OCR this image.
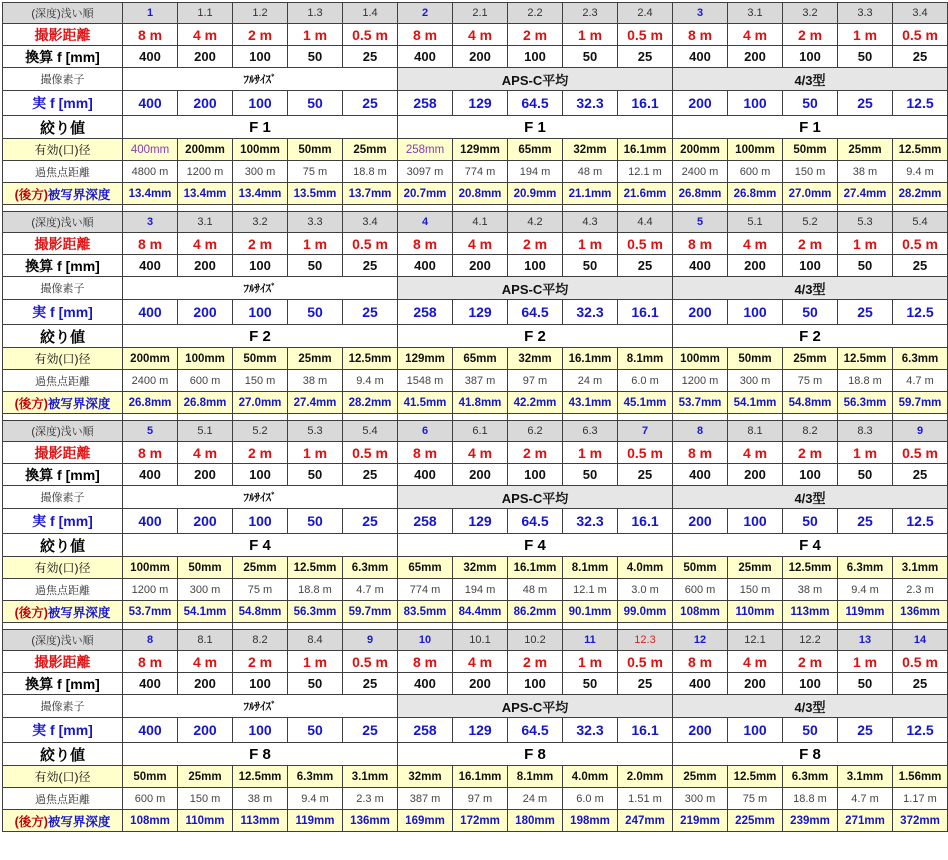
(深度)浅い順	1	1.1	1.2	1.3	1.4	2	2.1	2.2	2.3	2.4	3	3.1	3.2	3.3	3.4
撮影距離	8 m	4 m	2 m	1 m	0.5 m	8 m	4 m	2 m	1 m	0.5 m	8 m	4 m	2 m	1 m	0.5 m
換算 f [mm]	400	200	100	50	25	400	200	100	50	25	400	200	100	50	25
撮像素子	ﾌﾙｻｲｽﾞ					APS-C平均					4/3型				
実 f [mm]	400	200	100	50	25	258	129	64.5	32.3	16.1	200	100	50	25	12.5
絞り値	F 1					F 1					F 1				
有効(口)径	400mm	200mm	100mm	50mm	25mm	258mm	129mm	65mm	32mm	16.1mm	200mm	100mm	50mm	25mm	12.5mm
過焦点距離	4800 m	1200 m	300 m	75 m	18.8 m	3097 m	774 m	194 m	48 m	12.1 m	2400 m	600 m	150 m	38 m	9.4 m
(後方)被写界深度	13.4mm	13.4mm	13.4mm	13.5mm	13.7mm	20.7mm	20.8mm	20.9mm	21.1mm	21.6mm	26.8mm	26.8mm	27.0mm	27.4mm	28.2mm

(深度)浅い順	3	3.1	3.2	3.3	3.4	4	4.1	4.2	4.3	4.4	5	5.1	5.2	5.3	5.4
撮影距離	8 m	4 m	2 m	1 m	0.5 m	8 m	4 m	2 m	1 m	0.5 m	8 m	4 m	2 m	1 m	0.5 m
換算 f [mm]	400	200	100	50	25	400	200	100	50	25	400	200	100	50	25
撮像素子	ﾌﾙｻｲｽﾞ					APS-C平均					4/3型				
実 f [mm]	400	200	100	50	25	258	129	64.5	32.3	16.1	200	100	50	25	12.5
絞り値	F 2					F 2					F 2				
有効(口)径	200mm	100mm	50mm	25mm	12.5mm	129mm	65mm	32mm	16.1mm	8.1mm	100mm	50mm	25mm	12.5mm	6.3mm
過焦点距離	2400 m	600 m	150 m	38 m	9.4 m	1548 m	387 m	97 m	24 m	6.0 m	1200 m	300 m	75 m	18.8 m	4.7 m
(後方)被写界深度	26.8mm	26.8mm	27.0mm	27.4mm	28.2mm	41.5mm	41.8mm	42.2mm	43.1mm	45.1mm	53.7mm	54.1mm	54.8mm	56.3mm	59.7mm

(深度)浅い順	5	5.1	5.2	5.3	5.4	6	6.1	6.2	6.3	7	8	8.1	8.2	8.3	9
撮影距離	8 m	4 m	2 m	1 m	0.5 m	8 m	4 m	2 m	1 m	0.5 m	8 m	4 m	2 m	1 m	0.5 m
換算 f [mm]	400	200	100	50	25	400	200	100	50	25	400	200	100	50	25
撮像素子	ﾌﾙｻｲｽﾞ					APS-C平均					4/3型				
実 f [mm]	400	200	100	50	25	258	129	64.5	32.3	16.1	200	100	50	25	12.5
絞り値	F 4					F 4					F 4				
有効(口)径	100mm	50mm	25mm	12.5mm	6.3mm	65mm	32mm	16.1mm	8.1mm	4.0mm	50mm	25mm	12.5mm	6.3mm	3.1mm
過焦点距離	1200 m	300 m	75 m	18.8 m	4.7 m	774 m	194 m	48 m	12.1 m	3.0 m	600 m	150 m	38 m	9.4 m	2.3 m
(後方)被写界深度	53.7mm	54.1mm	54.8mm	56.3mm	59.7mm	83.5mm	84.4mm	86.2mm	90.1mm	99.0mm	108mm	110mm	113mm	119mm	136mm

(深度)浅い順	8	8.1	8.2	8.4	9	10	10.1	10.2	11	12.3	12	12.1	12.2	13	14
撮影距離	8 m	4 m	2 m	1 m	0.5 m	8 m	4 m	2 m	1 m	0.5 m	8 m	4 m	2 m	1 m	0.5 m
換算 f [mm]	400	200	100	50	25	400	200	100	50	25	400	200	100	50	25
撮像素子	ﾌﾙｻｲｽﾞ					APS-C平均					4/3型				
実 f [mm]	400	200	100	50	25	258	129	64.5	32.3	16.1	200	100	50	25	12.5
絞り値	F 8					F 8					F 8				
有効(口)径	50mm	25mm	12.5mm	6.3mm	3.1mm	32mm	16.1mm	8.1mm	4.0mm	2.0mm	25mm	12.5mm	6.3mm	3.1mm	1.56mm
過焦点距離	600 m	150 m	38 m	9.4 m	2.3 m	387 m	97 m	24 m	6.0 m	1.51 m	300 m	75 m	18.8 m	4.7 m	1.17 m
(後方)被写界深度	108mm	110mm	113mm	119mm	136mm	169mm	172mm	180mm	198mm	247mm	219mm	225mm	239mm	271mm	372mm
